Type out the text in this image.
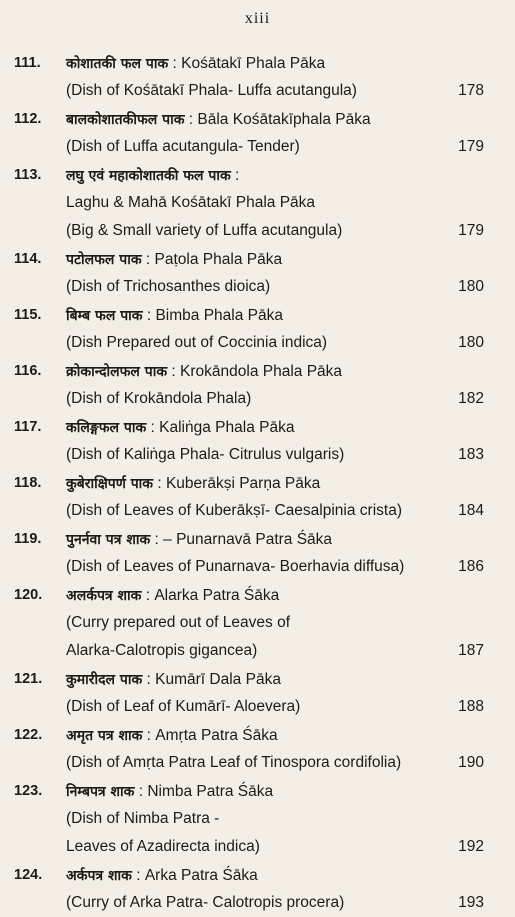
xiii
111.	कोशातकी फल पाक : Kośātakī Phala Pāka
(Dish of Kośātakī Phala- Luffa acutangula)	178
112.	बालकोशातकीफल पाक : Bāla Kośātakīphala Pāka
(Dish of Luffa acutangula- Tender)	179
113.	लघु एवं महाकोशातकी फल पाक :
Laghu & Mahā Kośātakī Phala Pāka
(Big & Small variety of Luffa acutangula)	179
114.	पटोलफल पाक : Paṭola Phala Pāka
(Dish of Trichosanthes dioica)	180
115.	बिम्ब फल पाक : Bimba Phala Pāka
(Dish Prepared out of Coccinia indica)	180
116.	क्रोकान्दोलफल पाक : Krokāndola Phala Pāka
(Dish of Krokāndola Phala)	182
117.	कलिङ्गफल पाक : Kaliṅga Phala Pāka
(Dish of Kaliṅga Phala- Citrulus vulgaris)	183
118.	कुबेराक्षिपर्ण पाक : Kuberākṣi Parṇa Pāka
(Dish of Leaves of Kuberākṣī- Caesalpinia crista)	184
119.	पुनर्नवा पत्र शाक : – Punarnavā Patra Śāka
(Dish of Leaves of Punarnava- Boerhavia diffusa)	186
120.	अलर्कपत्र शाक : Alarka Patra Śāka
(Curry prepared out of Leaves of
Alarka-Calotropis gigancea)	187
121.	कुमारीदल पाक : Kumārī Dala Pāka
(Dish of Leaf of Kumārī- Aloevera)	188
122.	अमृत पत्र शाक : Amṛta Patra Śāka
(Dish of Amṛta Patra Leaf of Tinospora cordifolia)	190
123.	निम्बपत्र शाक : Nimba Patra Śāka
(Dish of Nimba Patra -
Leaves of Azadirecta indica)	192
124.	अर्कपत्र शाक : Arka Patra Śāka
(Curry of Arka Patra- Calotropis procera)	193
